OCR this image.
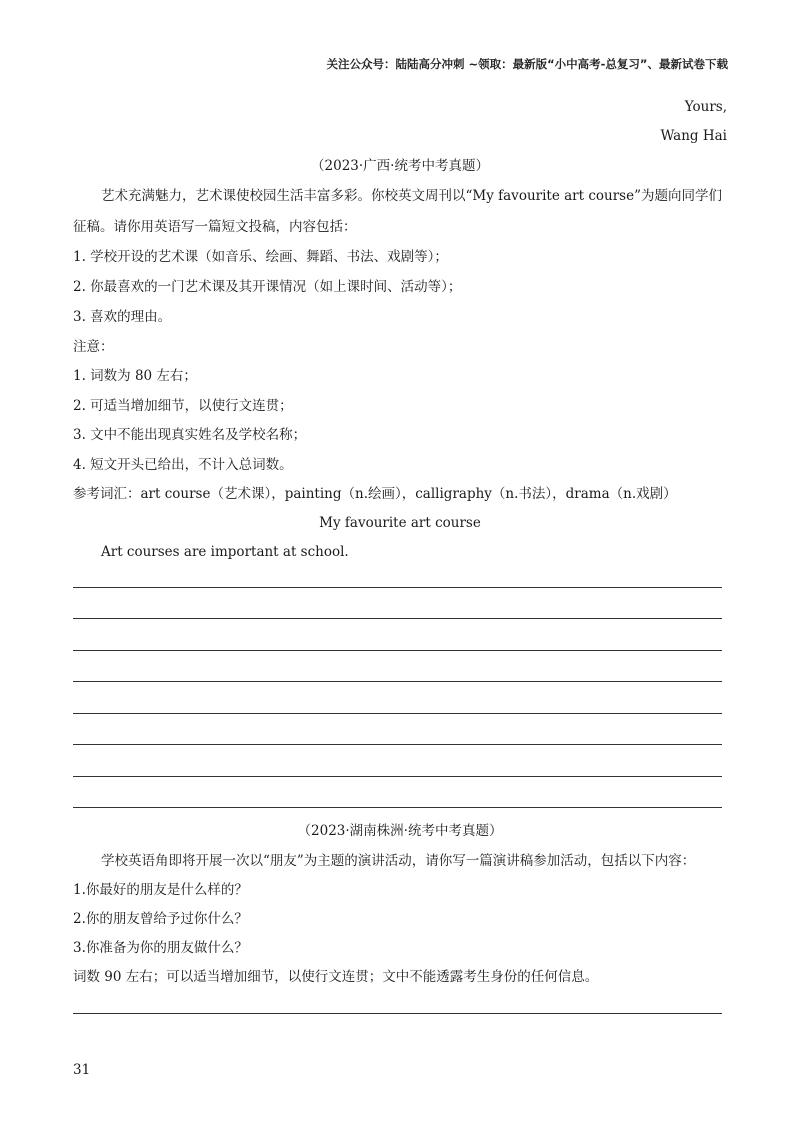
关注公众号：陆陆高分冲刺 ~领取：最新版“小中高考-总复习”、最新试卷下载
Yours,
Wang Hai
（2023·广西·统考中考真题）
艺术充满魅力，艺术课使校园生活丰富多彩。你校英文周刊以“My favourite art course”为题向同学们
征稿。请你用英语写一篇短文投稿，内容包括：
1. 学校开设的艺术课（如音乐、绘画、舞蹈、书法、戏剧等）；
2. 你最喜欢的一门艺术课及其开课情况（如上课时间、活动等）；
3. 喜欢的理由。
注意：
1. 词数为 80 左右；
2. 可适当增加细节，以使行文连贯；
3. 文中不能出现真实姓名及学校名称；
4. 短文开头已给出，不计入总词数。
参考词汇：art course（艺术课），painting（n.绘画），calligraphy（n.书法），drama（n.戏剧）
My favourite art course
Art courses are important at school.
（2023·湖南株洲·统考中考真题）
学校英语角即将开展一次以“朋友”为主题的演讲活动，请你写一篇演讲稿参加活动，包括以下内容：
1.你最好的朋友是什么样的？
2.你的朋友曾给予过你什么？
3.你准备为你的朋友做什么？
词数 90 左右；可以适当增加细节，以使行文连贯；文中不能透露考生身份的任何信息。
31
